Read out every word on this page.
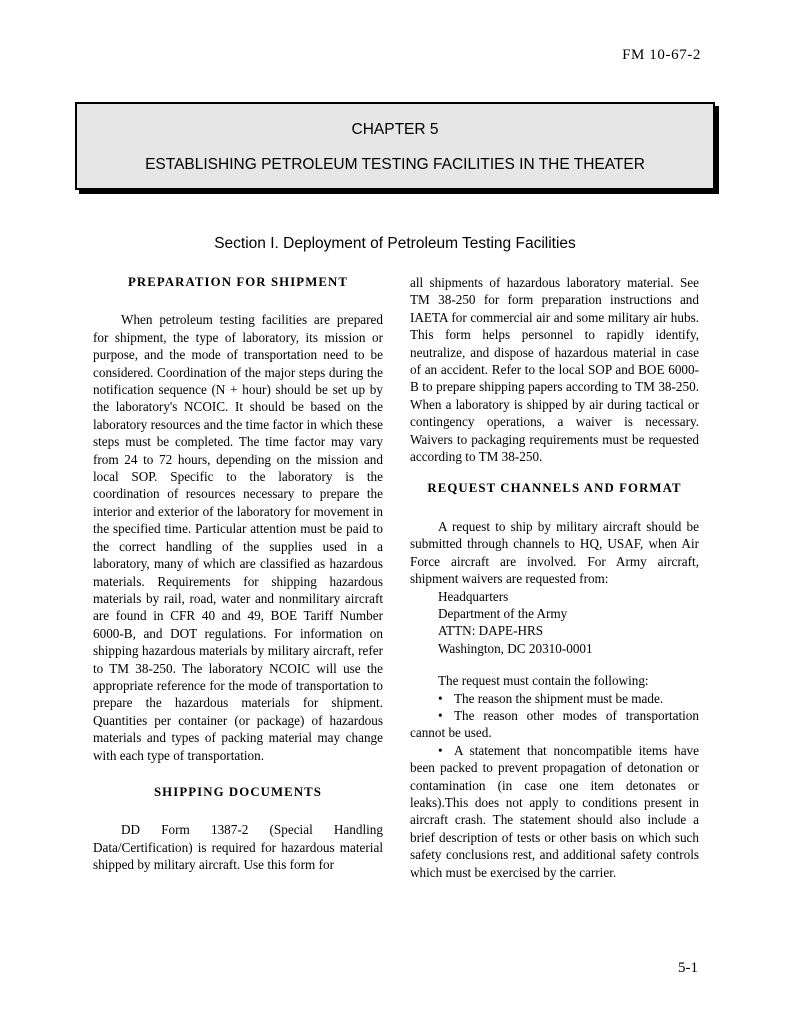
FM 10-67-2
CHAPTER 5
ESTABLISHING PETROLEUM TESTING FACILITIES IN THE THEATER
Section I. Deployment of Petroleum Testing Facilities
PREPARATION FOR SHIPMENT

When petroleum testing facilities are prepared for shipment, the type of laboratory, its mission or purpose, and the mode of transportation need to be considered. Coordination of the major steps during the notification sequence (N + hour) should be set up by the laboratory's NCOIC. It should be based on the laboratory resources and the time factor in which these steps must be completed. The time factor may vary from 24 to 72 hours, depending on the mission and local SOP. Specific to the laboratory is the coordination of resources necessary to prepare the interior and exterior of the laboratory for movement in the specified time. Particular attention must be paid to the correct handling of the supplies used in a laboratory, many of which are classified as hazardous materials. Requirements for shipping hazardous materials by rail, road, water and nonmilitary aircraft are found in CFR 40 and 49, BOE Tariff Number 6000-B, and DOT regulations. For information on shipping hazardous materials by military aircraft, refer to TM 38-250. The laboratory NCOIC will use the appropriate reference for the mode of transportation to prepare the hazardous materials for shipment. Quantities per container (or package) of hazardous materials and types of packing material may change with each type of transportation.

SHIPPING DOCUMENTS

DD Form 1387-2 (Special Handling Data/Certification) is required for hazardous material shipped by military aircraft. Use this form for

all shipments of hazardous laboratory material. See TM 38-250 for form preparation instructions and IAETA for commercial air and some military air hubs. This form helps personnel to rapidly identify, neutralize, and dispose of hazardous material in case of an accident. Refer to the local SOP and BOE 6000-B to prepare shipping papers according to TM 38-250. When a laboratory is shipped by air during tactical or contingency operations, a waiver is necessary. Waivers to packaging requirements must be requested according to TM 38-250.

REQUEST CHANNELS AND FORMAT

A request to ship by military aircraft should be submitted through channels to HQ, USAF, when Air Force aircraft are involved. For Army aircraft, shipment waivers are requested from:

Headquarters
Department of the Army
ATTN: DAPE-HRS
Washington, DC 20310-0001

The request must contain the following:

• The reason the shipment must be made.

• The reason other modes of transportation cannot be used.

• A statement that noncompatible items have been packed to prevent propagation of detonation or contamination (in case one item detonates or leaks).This does not apply to conditions present in aircraft crash. The statement should also include a brief description of tests or other basis on which such safety conclusions rest, and additional safety controls which must be exercised by the carrier.

5-1
